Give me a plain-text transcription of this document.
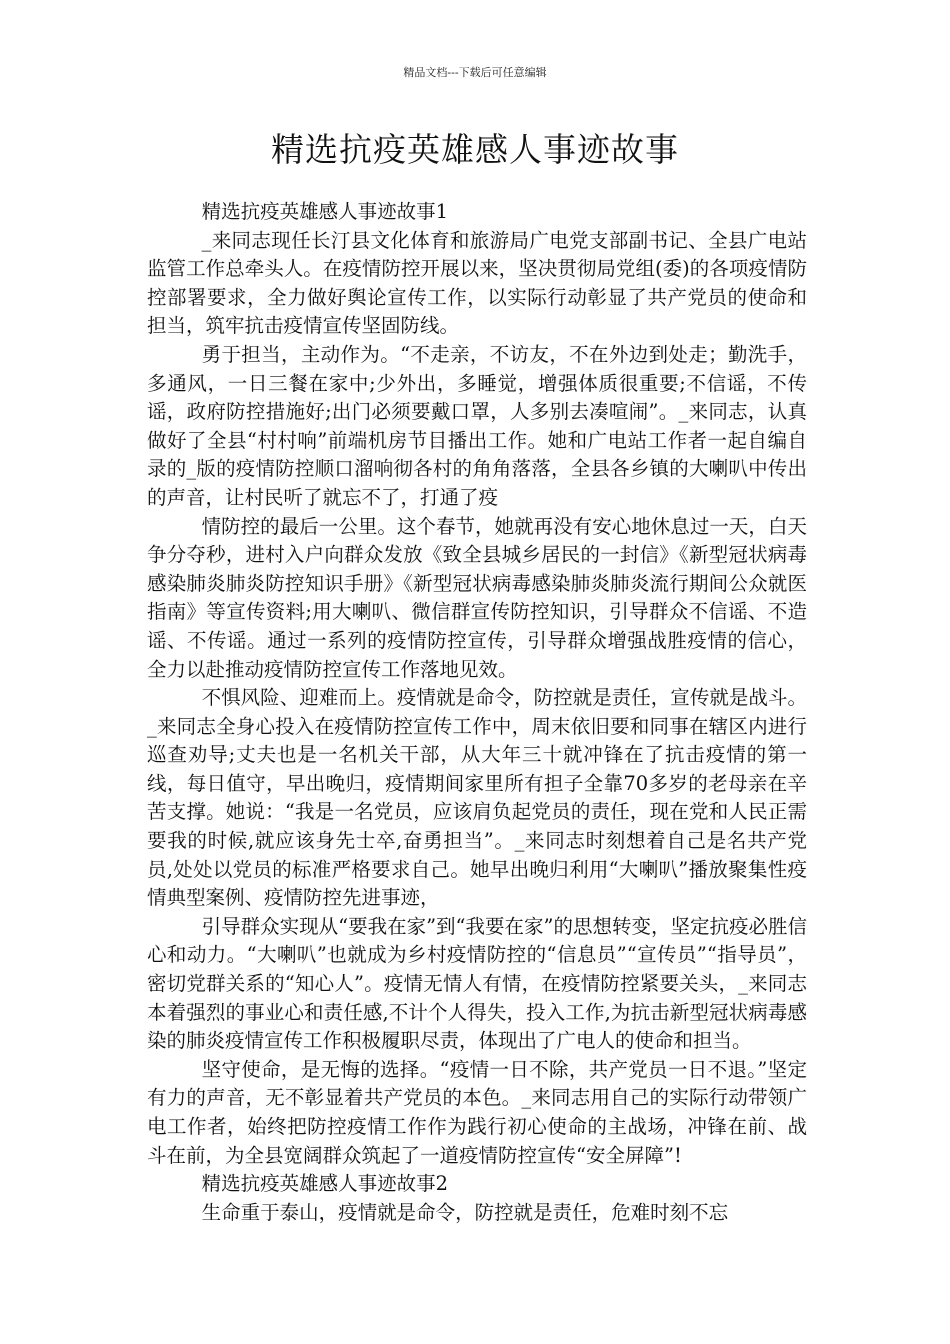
精品文档---下载后可任意编辑
精选抗疫英雄感人事迹故事

精选抗疫英雄感人事迹故事1

_来同志现任长汀县文化体育和旅游局广电党支部副书记、全县广电站监管工作总牵头人。在疫情防控开展以来，坚决贯彻局党组(委)的各项疫情防控部署要求，全力做好舆论宣传工作，以实际行动彰显了共产党员的使命和担当，筑牢抗击疫情宣传坚固防线。

勇于担当，主动作为。“不走亲，不访友，不在外边到处走；勤洗手，多通风，一日三餐在家中;少外出，多睡觉，增强体质很重要;不信谣，不传谣，政府防控措施好;出门必须要戴口罩，人多别去凑喧闹”。_来同志，认真做好了全县“村村响”前端机房节目播出工作。她和广电站工作者一起自编自录的_版的疫情防控顺口溜响彻各村的角角落落，全县各乡镇的大喇叭中传出的声音，让村民听了就忘不了，打通了疫

情防控的最后一公里。这个春节，她就再没有安心地休息过一天，白天争分夺秒，进村入户向群众发放《致全县城乡居民的一封信》《新型冠状病毒感染肺炎肺炎防控知识手册》《新型冠状病毒感染肺炎肺炎流行期间公众就医指南》等宣传资料;用大喇叭、微信群宣传防控知识，引导群众不信谣、不造谣、不传谣。通过一系列的疫情防控宣传，引导群众增强战胜疫情的信心，全力以赴推动疫情防控宣传工作落地见效。

不惧风险、迎难而上。疫情就是命令，防控就是责任，宣传就是战斗。_来同志全身心投入在疫情防控宣传工作中，周末依旧要和同事在辖区内进行巡查劝导;丈夫也是一名机关干部，从大年三十就冲锋在了抗击疫情的第一线，每日值守，早出晚归，疫情期间家里所有担子全靠70多岁的老母亲在辛苦支撑。她说：“我是一名党员，应该肩负起党员的责任，现在党和人民正需要我的时候,就应该身先士卒,奋勇担当”。_来同志时刻想着自己是名共产党员,处处以党员的标准严格要求自己。她早出晚归利用“大喇叭”播放聚集性疫情典型案例、疫情防控先进事迹，

引导群众实现从“要我在家”到“我要在家”的思想转变，坚定抗疫必胜信心和动力。“大喇叭”也就成为乡村疫情防控的“信息员”“宣传员”“指导员”，密切党群关系的“知心人”。疫情无情人有情，在疫情防控紧要关头，_来同志本着强烈的事业心和责任感,不计个人得失，投入工作,为抗击新型冠状病毒感染的肺炎疫情宣传工作积极履职尽责，体现出了广电人的使命和担当。

坚守使命，是无悔的选择。“疫情一日不除，共产党员一日不退。”坚定有力的声音，无不彰显着共产党员的本色。_来同志用自己的实际行动带领广电工作者，始终把防控疫情工作作为践行初心使命的主战场，冲锋在前、战斗在前，为全县宽阔群众筑起了一道疫情防控宣传“安全屏障”!

精选抗疫英雄感人事迹故事2

生命重于泰山，疫情就是命令，防控就是责任，危难时刻不忘
